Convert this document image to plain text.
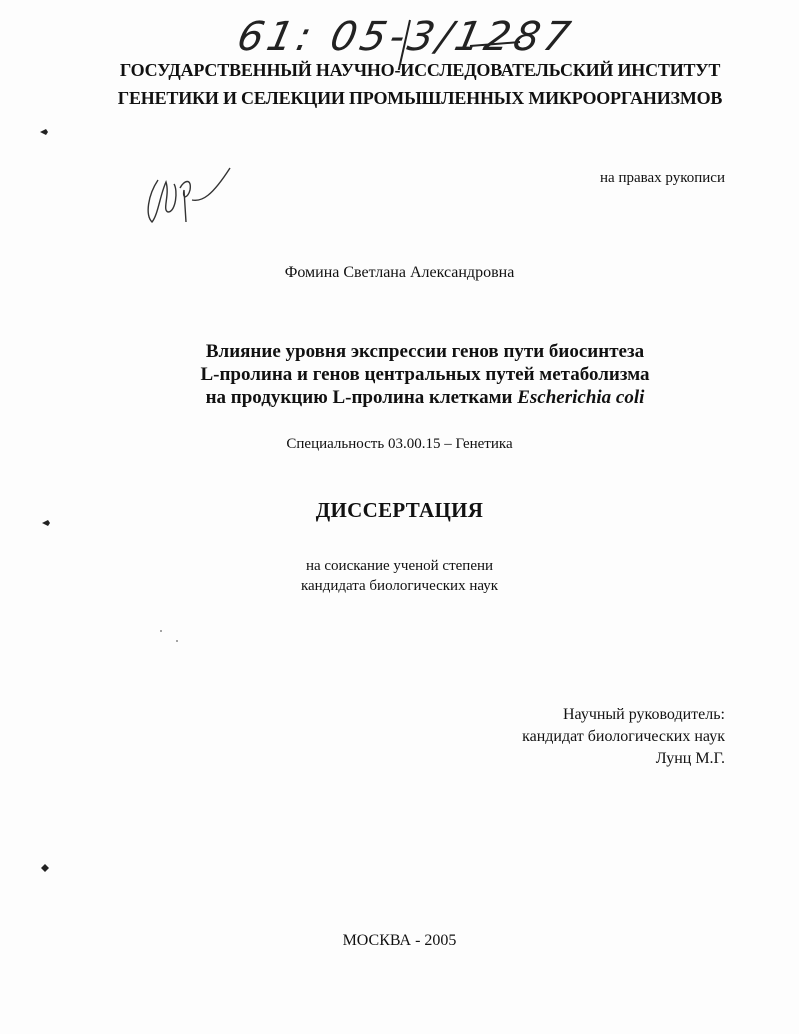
61: 05-3/1287
ГОСУДАРСТВЕННЫЙ НАУЧНО-ИССЛЕДОВАТЕЛЬСКИЙ ИНСТИТУТ
ГЕНЕТИКИ И СЕЛЕКЦИИ ПРОМЫШЛЕННЫХ МИКРООРГАНИЗМОВ
на правах рукописи
Фомина Светлана Александровна
Влияние уровня экспрессии генов пути биосинтеза
L-пролина и генов центральных путей метаболизма
на продукцию L-пролина клетками Escherichia coli
Специальность 03.00.15 – Генетика
ДИССЕРТАЦИЯ
на соискание ученой степени
кандидата биологических наук
Научный руководитель:
кандидат биологических наук
Лунц М.Г.
МОСКВА - 2005
